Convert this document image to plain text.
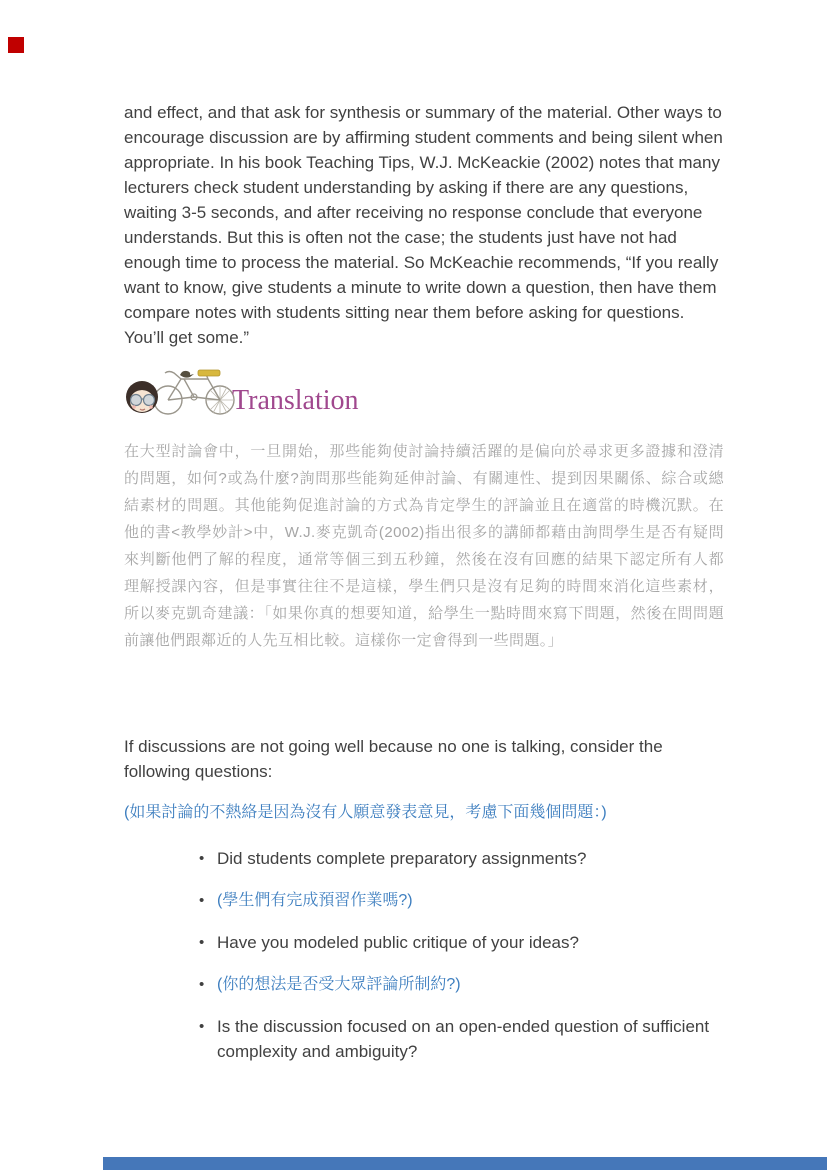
and effect, and that ask for synthesis or summary of the material. Other ways to encourage discussion are by affirming student comments and being silent when appropriate. In his book Teaching Tips, W.J. McKeackie (2002) notes that many lecturers check student understanding by asking if there are any questions, waiting 3-5 seconds, and after receiving no response conclude that everyone understands. But this is often not the case; the students just have not had enough time to process the material. So McKeachie recommends, “If you really want to know, give students a minute to write down a question, then have them compare notes with students sitting near them before asking for questions. You’ll get some.”

Translation

在大型討論會中，一旦開始，那些能夠使討論持續活躍的是偏向於尋求更多證據和澄清的問題，如何?或為什麼?詢問那些能夠延伸討論、有關連性、提到因果關係、綜合或總結素材的問題。其他能夠促進討論的方式為肯定學生的評論並且在適當的時機沉默。在他的書<教學妙計>中，W.J.麥克凱奇(2002)指出很多的講師都藉由詢問學生是否有疑問來判斷他們了解的程度，通常等個三到五秒鐘，然後在沒有回應的結果下認定所有人都理解授課內容，但是事實往往不是這樣，學生們只是沒有足夠的時間來消化這些素材，所以麥克凱奇建議：「如果你真的想要知道，給學生一點時間來寫下問題，然後在問問題前讓他們跟鄰近的人先互相比較。這樣你一定會得到一些問題。」

If discussions are not going well because no one is talking, consider the following questions:

(如果討論的不熱絡是因為沒有人願意發表意見，考慮下面幾個問題：)

• Did students complete preparatory assignments?
• (學生們有完成預習作業嗎?)
• Have you modeled public critique of your ideas?
• (你的想法是否受大眾評論所制約?)
• Is the discussion focused on an open-ended question of sufficient complexity and ambiguity?
